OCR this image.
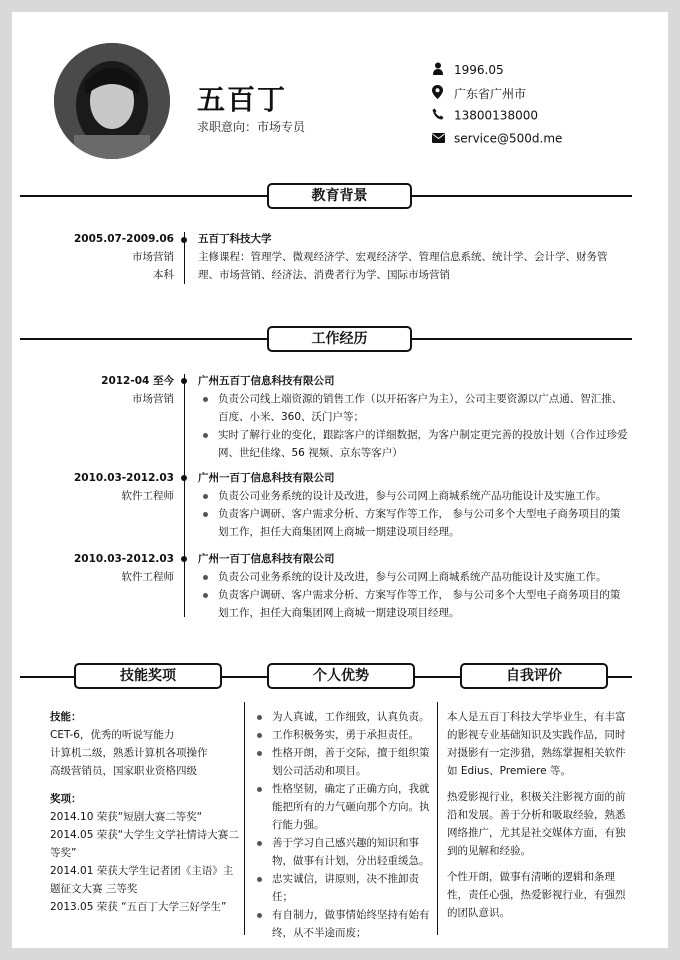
五百丁
求职意向：市场专员
1996.05
广东省广州市
13800138000
service@500d.me
教育背景
2005.07-2009.06
市场营销
本科
五百丁科技大学
主修课程：管理学、微观经济学、宏观经济学、管理信息系统、统计学、会计学、财务管理、市场营销、经济法、消费者行为学、国际市场营销
工作经历
2012-04 至今
市场营销
广州五百丁信息科技有限公司
负责公司线上端资源的销售工作（以开拓客户为主），公司主要资源以广点通、智汇推、百度、小米、360、沃门户等；
实时了解行业的变化，跟踪客户的详细数据，为客户制定更完善的投放计划（合作过珍爱网、世纪佳缘、56 视频、京东等客户）
2010.03-2012.03
软件工程师
广州一百丁信息科技有限公司
负责公司业务系统的设计及改进，参与公司网上商城系统产品功能设计及实施工作。
负责客户调研、客户需求分析、方案写作等工作， 参与公司多个大型电子商务项目的策划工作，担任大商集团网上商城一期建设项目经理。
2010.03-2012.03
软件工程师
广州一百丁信息科技有限公司
负责公司业务系统的设计及改进，参与公司网上商城系统产品功能设计及实施工作。
负责客户调研、客户需求分析、方案写作等工作， 参与公司多个大型电子商务项目的策划工作，担任大商集团网上商城一期建设项目经理。
技能奖项	个人优势	自我评价
技能：
CET-6，优秀的听说写能力
计算机二级，熟悉计算机各项操作
高级营销员，国家职业资格四级
奖项：
2014.10 荣获“短剧大赛二等奖“
2014.05 荣获“大学生文学社情诗大赛二等奖”
2014.01 荣获大学生记者团《主语》主题征文大赛 三等奖
2013.05 荣获 “五百丁大学三好学生”
为人真诚，工作细致，认真负责。
工作积极务实，勇于承担责任。
性格开朗，善于交际，擅于组织策划公司活动和项目。
性格坚韧，确定了正确方向，我就能把所有的力气砸向那个方向。执行能力强。
善于学习自己感兴趣的知识和事物，做事有计划，分出轻重缓急。
忠实诚信，讲原则，决不推卸责任；
有自制力，做事情始终坚持有始有终，从不半途而废；

本人是五百丁科技大学毕业生，有丰富的影视专业基础知识及实践作品，同时对摄影有一定涉猎，熟练掌握相关软件如 Edius、Premiere 等。

热爱影视行业，积极关注影视方面的前沿和发展。善于分析和吸取经验，熟悉网络推广，尤其是社交媒体方面，有独到的见解和经验。

个性开朗，做事有清晰的逻辑和条理性，责任心强，热爱影视行业，有强烈的团队意识。
